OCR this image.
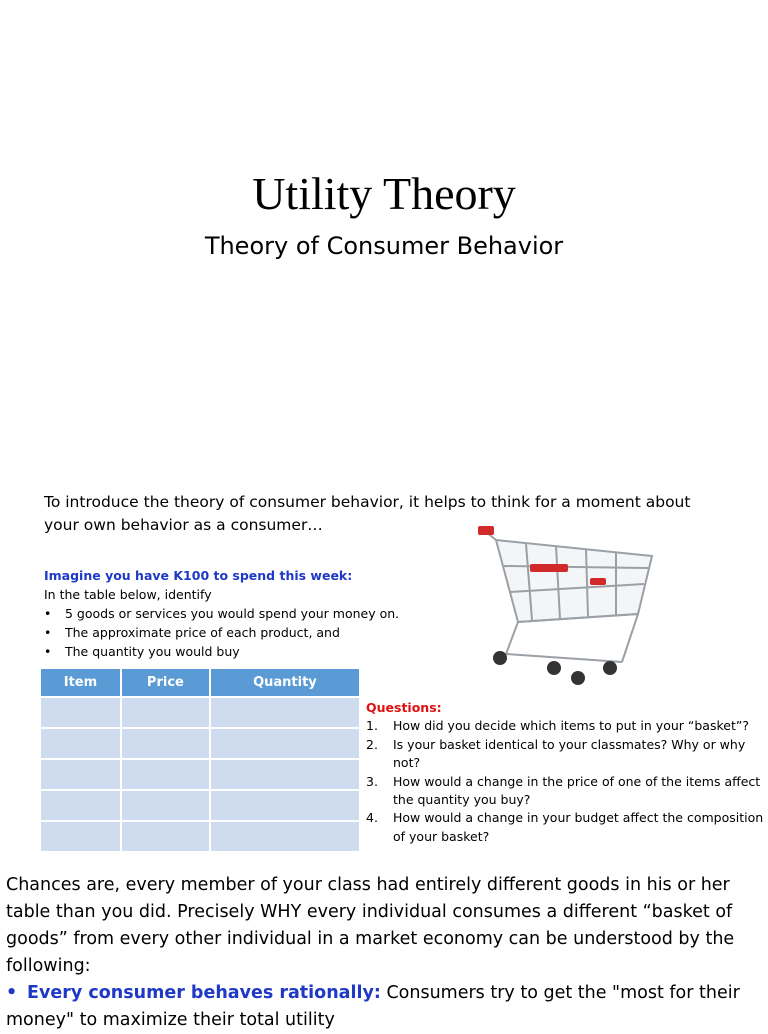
Utility Theory
Theory of Consumer Behavior
To introduce the theory of consumer behavior, it helps to think for a moment about your own behavior as a consumer…
Imagine you have K100 to spend this week:
In the table below, identify
• 5 goods or services you would spend your money on.
• The approximate price of each product, and
• The quantity you would buy
Item	Price	Quantity

Questions:
1. How did you decide which items to put in your “basket”?
2. Is your basket identical to your classmates? Why or why not?
3. How would a change in the price of one of the items affect the quantity you buy?
4. How would a change in your budget affect the composition of your basket?
Chances are, every member of your class had entirely different goods in his or her table than you did. Precisely WHY every individual consumes a different “basket of goods” from every other individual in a market economy can be understood by the following:
• Every consumer behaves rationally: Consumers try to get the "most for their money" to maximize their total utility
